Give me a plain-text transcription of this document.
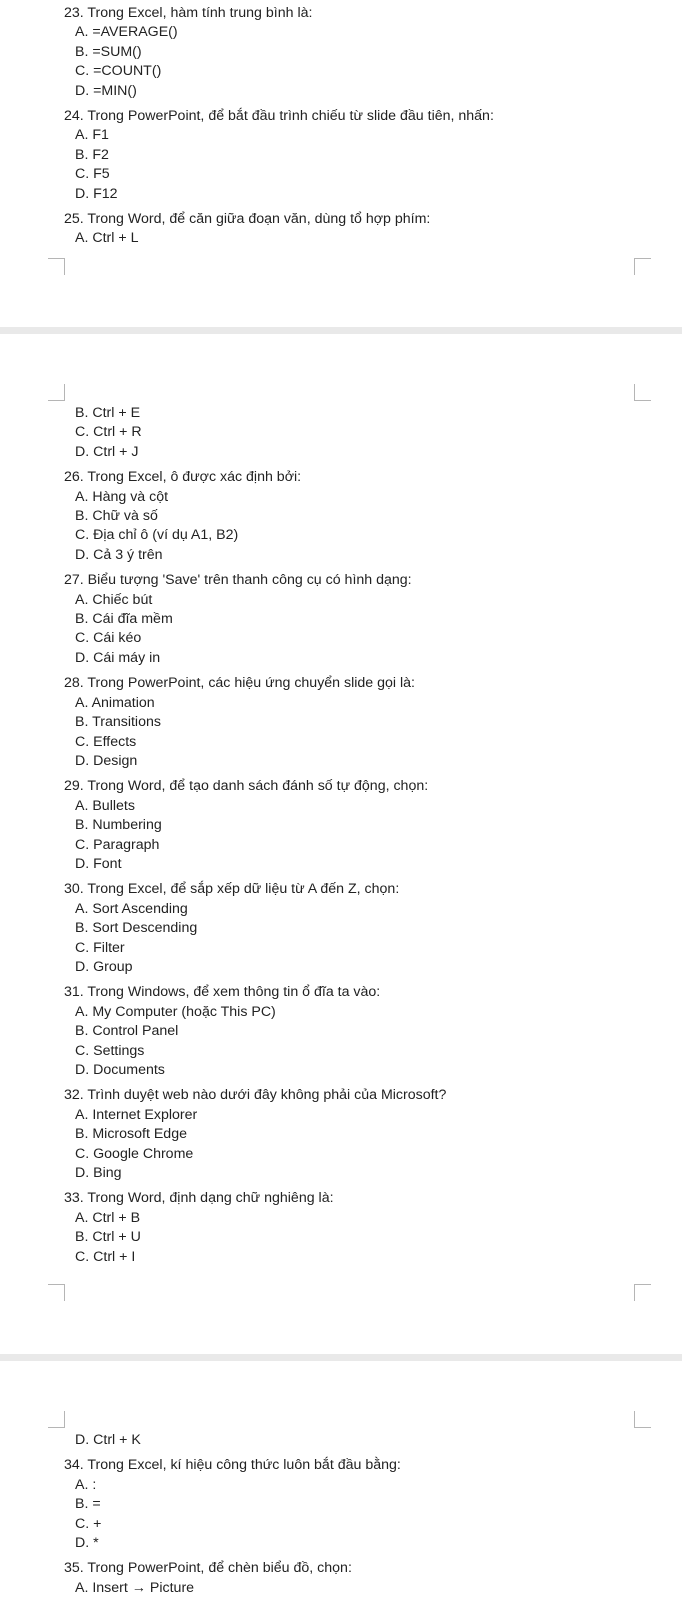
23. Trong Excel, hàm tính trung bình là:

A. =AVERAGE()

B. =SUM()

C. =COUNT()

D. =MIN()

24. Trong PowerPoint, để bắt đầu trình chiếu từ slide đầu tiên, nhấn:

A. F1

B. F2

C. F5

D. F12

25. Trong Word, để căn giữa đoạn văn, dùng tổ hợp phím:

A. Ctrl + L

B. Ctrl + E

C. Ctrl + R

D. Ctrl + J

26. Trong Excel, ô được xác định bởi:

A. Hàng và cột

B. Chữ và số

C. Địa chỉ ô (ví dụ A1, B2)

D. Cả 3 ý trên

27. Biểu tượng 'Save' trên thanh công cụ có hình dạng:

A. Chiếc bút

B. Cái đĩa mềm

C. Cái kéo

D. Cái máy in

28. Trong PowerPoint, các hiệu ứng chuyển slide gọi là:

A. Animation

B. Transitions

C. Effects

D. Design

29. Trong Word, để tạo danh sách đánh số tự động, chọn:

A. Bullets

B. Numbering

C. Paragraph

D. Font

30. Trong Excel, để sắp xếp dữ liệu từ A đến Z, chọn:

A. Sort Ascending

B. Sort Descending

C. Filter

D. Group

31. Trong Windows, để xem thông tin ổ đĩa ta vào:

A. My Computer (hoặc This PC)

B. Control Panel

C. Settings

D. Documents

32. Trình duyệt web nào dưới đây không phải của Microsoft?

A. Internet Explorer

B. Microsoft Edge

C. Google Chrome

D. Bing

33. Trong Word, định dạng chữ nghiêng là:

A. Ctrl + B

B. Ctrl + U

C. Ctrl + I

D. Ctrl + K

34. Trong Excel, kí hiệu công thức luôn bắt đầu bằng:

A. :

B. =

C. +

D. *

35. Trong PowerPoint, để chèn biểu đồ, chọn:

A. Insert → Picture
